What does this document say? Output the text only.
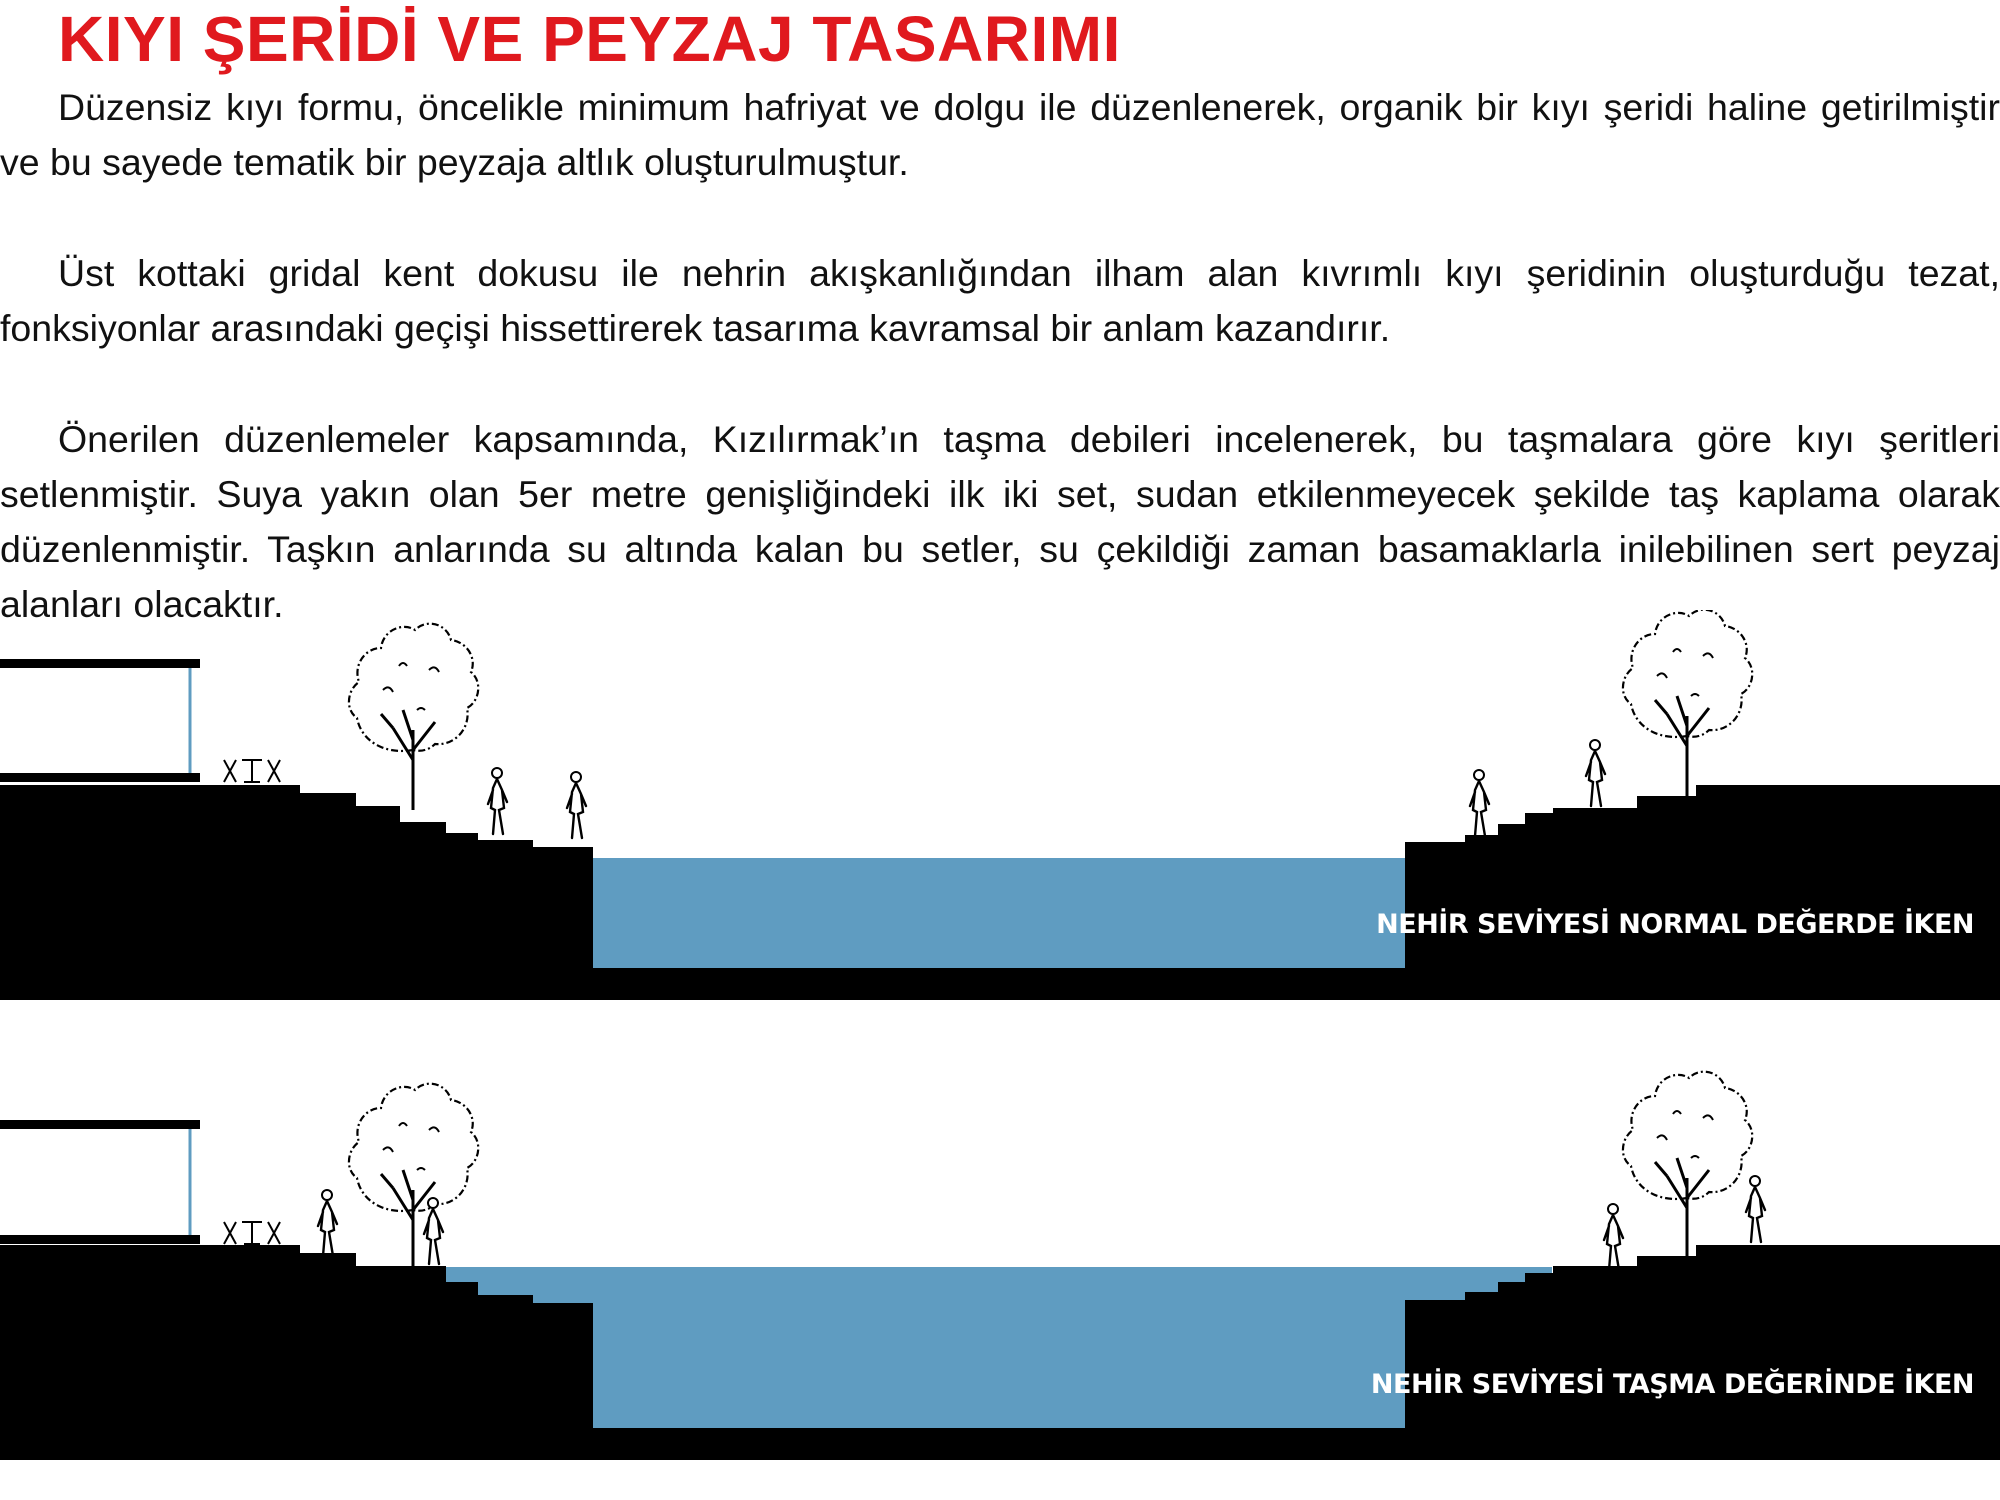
KIYI ŞERİDİ VE PEYZAJ TASARIMI

Düzensiz kıyı formu, öncelikle minimum hafriyat ve dolgu ile düzenlenerek, organik bir kıyı şeridi haline getirilmiştir ve bu sayede tematik bir peyzaja altlık oluşturulmuştur.

Üst kottaki gridal kent dokusu ile nehrin akışkanlığından ilham alan kıvrımlı kıyı şeridinin oluşturduğu tezat, fonksiyonlar arasındaki geçişi hissettirerek tasarıma kavramsal bir anlam kazandırır.

Önerilen düzenlemeler kapsamında, Kızılırmak’ın taşma debileri incelenerek, bu taşmalara göre kıyı şeritleri setlenmiştir. Suya yakın olan 5er metre genişliğindeki ilk iki set, sudan etkilenmeyecek şekilde taş kaplama olarak düzenlenmiştir. Taşkın anlarında su altında kalan bu setler, su çekildiği zaman basamaklarla inilebilinen sert peyzaj alanları olacaktır.

NEHİR SEVİYESİ NORMAL DEĞERDE İKEN
NEHİR SEVİYESİ TAŞMA DEĞERİNDE İKEN
